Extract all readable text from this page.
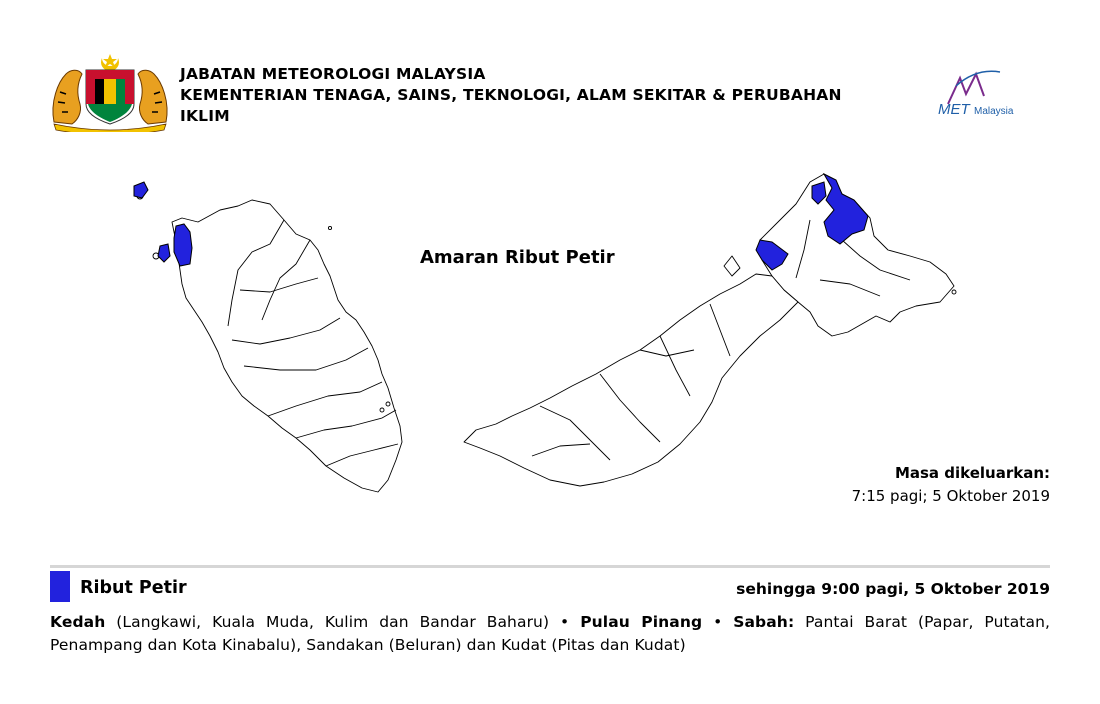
JABATAN METEOROLOGI MALAYSIA
KEMENTERIAN TENAGA, SAINS, TEKNOLOGI, ALAM SEKITAR & PERUBAHAN
IKLIM	MET Malaysia
Amaran Ribut Petir
Masa dikeluarkan:
7:15 pagi; 5 Oktober 2019
Ribut Petir	sehingga 9:00 pagi, 5 Oktober 2019
Kedah (Langkawi, Kuala Muda, Kulim dan Bandar Baharu) • Pulau Pinang • Sabah: Pantai Barat (Papar, Putatan, Penampang dan Kota Kinabalu), Sandakan (Beluran) dan Kudat (Pitas dan Kudat)
